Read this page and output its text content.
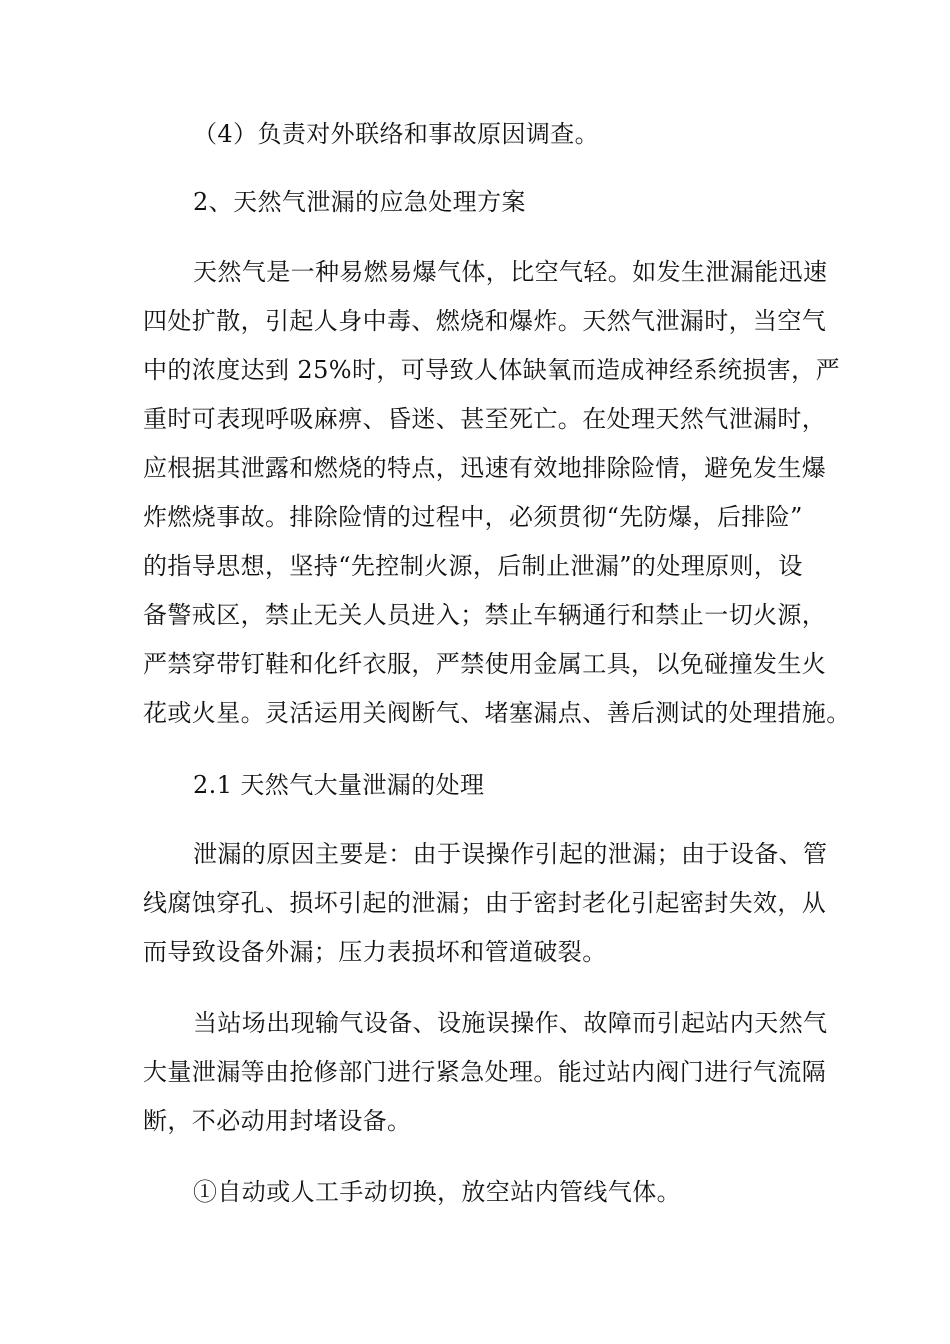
（4）负责对外联络和事故原因调查。
2、天然气泄漏的应急处理方案
天然气是一种易燃易爆气体，比空气轻。如发生泄漏能迅速
四处扩散，引起人身中毒、燃烧和爆炸。天然气泄漏时，当空气
中的浓度达到 25%时，可导致人体缺氧而造成神经系统损害，严
重时可表现呼吸麻痹、昏迷、甚至死亡。在处理天然气泄漏时，
应根据其泄露和燃烧的特点，迅速有效地排除险情，避免发生爆
炸燃烧事故。排除险情的过程中，必须贯彻“先防爆，后排险”
的指导思想，坚持“先控制火源，后制止泄漏”的处理原则，设
备警戒区，禁止无关人员进入；禁止车辆通行和禁止一切火源，
严禁穿带钉鞋和化纤衣服，严禁使用金属工具，以免碰撞发生火
花或火星。灵活运用关阀断气、堵塞漏点、善后测试的处理措施。
2.1 天然气大量泄漏的处理
泄漏的原因主要是：由于误操作引起的泄漏；由于设备、管
线腐蚀穿孔、损坏引起的泄漏；由于密封老化引起密封失效，从
而导致设备外漏；压力表损坏和管道破裂。
当站场出现输气设备、设施误操作、故障而引起站内天然气
大量泄漏等由抢修部门进行紧急处理。能过站内阀门进行气流隔
断，不必动用封堵设备。
①自动或人工手动切换，放空站内管线气体。
